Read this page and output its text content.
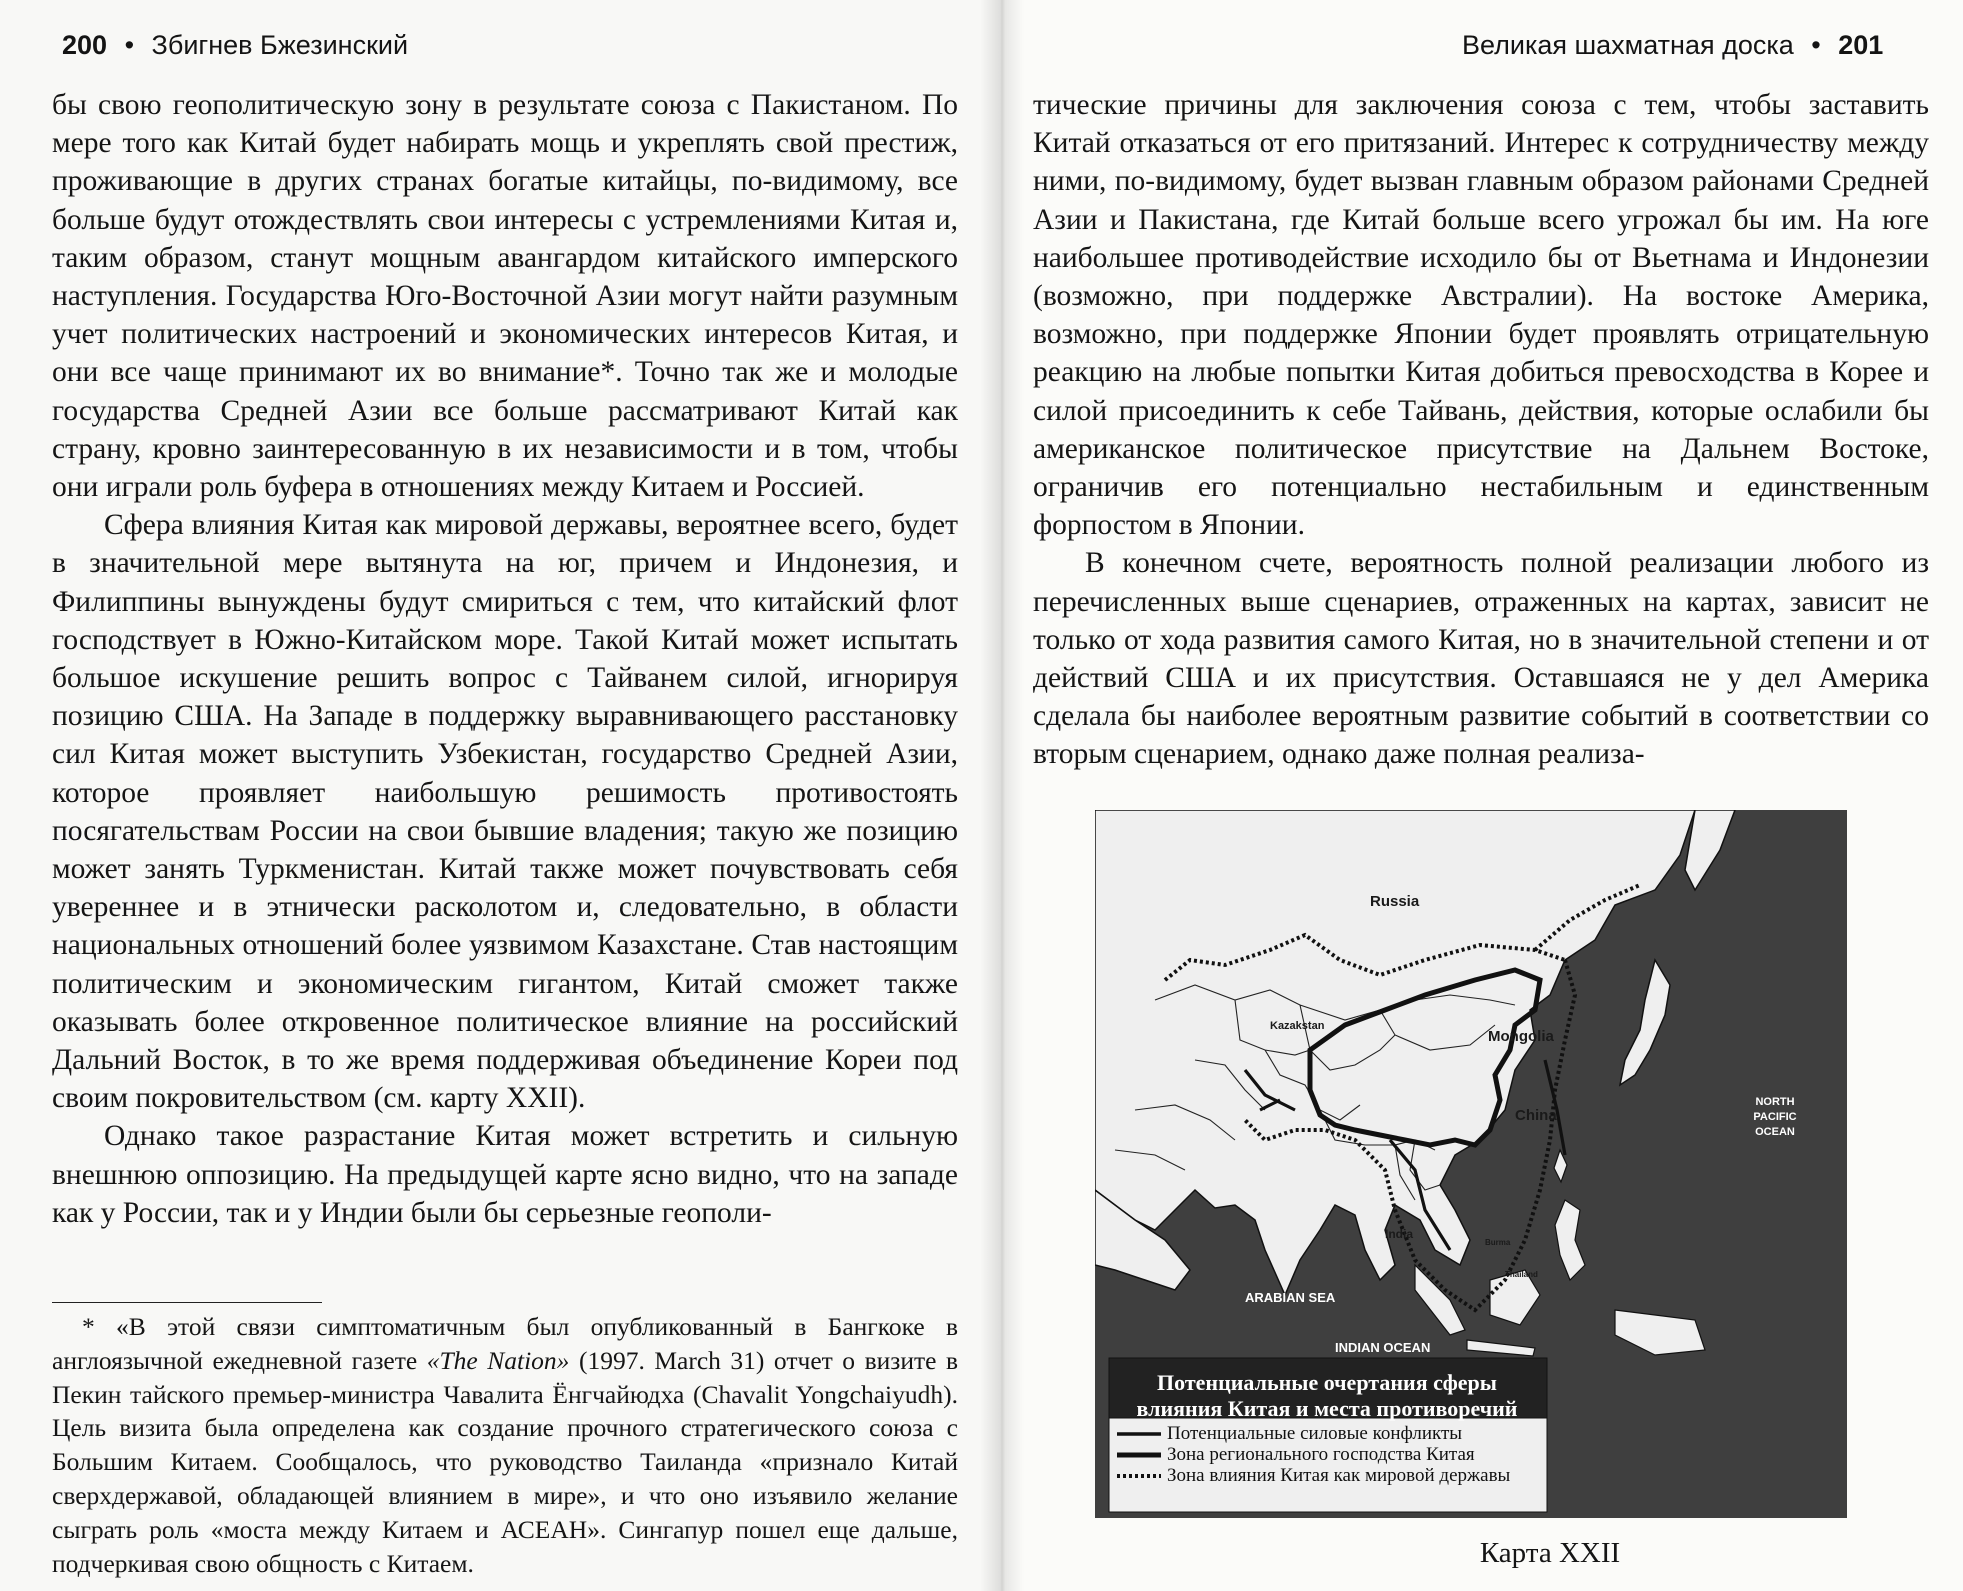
200 • Збигнев Бжезинский

бы свою геополитическую зону в результате союза с Пакистаном. По мере того как Китай будет набирать мощь и укреплять свой престиж, проживающие в других странах богатые китайцы, по-видимому, все больше будут отождествлять свои интересы с устремлениями Китая и, таким образом, станут мощным авангардом китайского имперского наступления. Государства Юго-Восточной Азии могут найти разумным учет политических настроений и экономических интересов Китая, и они все чаще принимают их во внимание*. Точно так же и молодые государства Средней Азии все больше рассматривают Китай как страну, кровно заинтересованную в их независимости и в том, чтобы они играли роль буфера в отношениях между Китаем и Россией.

Сфера влияния Китая как мировой державы, вероятнее всего, будет в значительной мере вытянута на юг, причем и Индонезия, и Филиппины вынуждены будут смириться с тем, что китайский флот господствует в Южно-Китайском море. Такой Китай может испытать большое искушение решить вопрос с Тайванем силой, игнорируя позицию США. На Западе в поддержку выравнивающего расстановку сил Китая может выступить Узбекистан, государство Средней Азии, которое проявляет наибольшую решимость противостоять посягательствам России на свои бывшие владения; такую же позицию может занять Туркменистан. Китай также может почувствовать себя увереннее и в этнически расколотом и, следовательно, в области национальных отношений более уязвимом Казахстане. Став настоящим политическим и экономическим гигантом, Китай сможет также оказывать более откровенное политическое влияние на российский Дальний Восток, в то же время поддерживая объединение Кореи под своим покровительством (см. карту XXII).

Однако такое разрастание Китая может встретить и сильную внешнюю оппозицию. На предыдущей карте ясно видно, что на западе как у России, так и у Индии были бы серьезные геополи-

* «В этой связи симптоматичным был опубликованный в Бангкоке в англоязычной ежедневной газете «The Nation» (1997. March 31) отчет о визите в Пекин тайского премьер-министра Чавалита Ёнгчайюдха (Chavalit Yongchaiyudh). Цель визита была определена как создание прочного стратегического союза с Большим Китаем. Сообщалось, что руководство Таиланда «признало Китай сверхдержавой, обладающей влиянием в мире», и что оно изъявило желание сыграть роль «моста между Китаем и АСЕАН». Сингапур пошел еще дальше, подчеркивая свою общность с Китаем.
Великая шахматная доска • 201

тические причины для заключения союза с тем, чтобы заставить Китай отказаться от его притязаний. Интерес к сотрудничеству между ними, по-видимому, будет вызван главным образом районами Средней Азии и Пакистана, где Китай больше всего угрожал бы им. На юге наибольшее противодействие исходило бы от Вьетнама и Индонезии (возможно, при поддержке Австралии). На востоке Америка, возможно, при поддержке Японии будет проявлять отрицательную реакцию на любые попытки Китая добиться превосходства в Корее и силой присоединить к себе Тайвань, действия, которые ослабили бы американское политическое присутствие на Дальнем Востоке, ограничив его потенциально нестабильным и единственным форпостом в Японии.

В конечном счете, вероятность полной реализации любого из перечисленных выше сценариев, отраженных на картах, зависит не только от хода развития самого Китая, но в значительной степени и от действий США и их присутствия. Оставшаяся не у дел Америка сделала бы наиболее вероятным развитие событий в соответствии со вторым сценарием, однако даже полная реализа-

Потенциальные очертания сферы влияния Китая и места противоречий
Потенциальные силовые конфликты
Зона регионального господства Китая
Зона влияния Китая как мировой державы
Russia
Kazakstan
Mongolia
China
India
Burma
Thailand
NORTH PACIFIC OCEAN
ARABIAN SEA
INDIAN OCEAN
Карта XXII
